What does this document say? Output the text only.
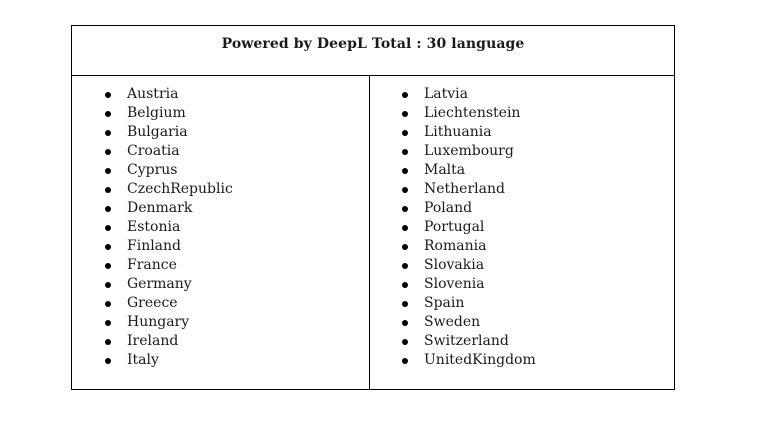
Powered by DeepL Total : 30 language
Austria
Belgium
Bulgaria
Croatia
Cyprus
CzechRepublic
Denmark
Estonia
Finland
France
Germany
Greece
Hungary
Ireland
Italy
Latvia
Liechtenstein
Lithuania
Luxembourg
Malta
Netherland
Poland
Portugal
Romania
Slovakia
Slovenia
Spain
Sweden
Switzerland
UnitedKingdom
